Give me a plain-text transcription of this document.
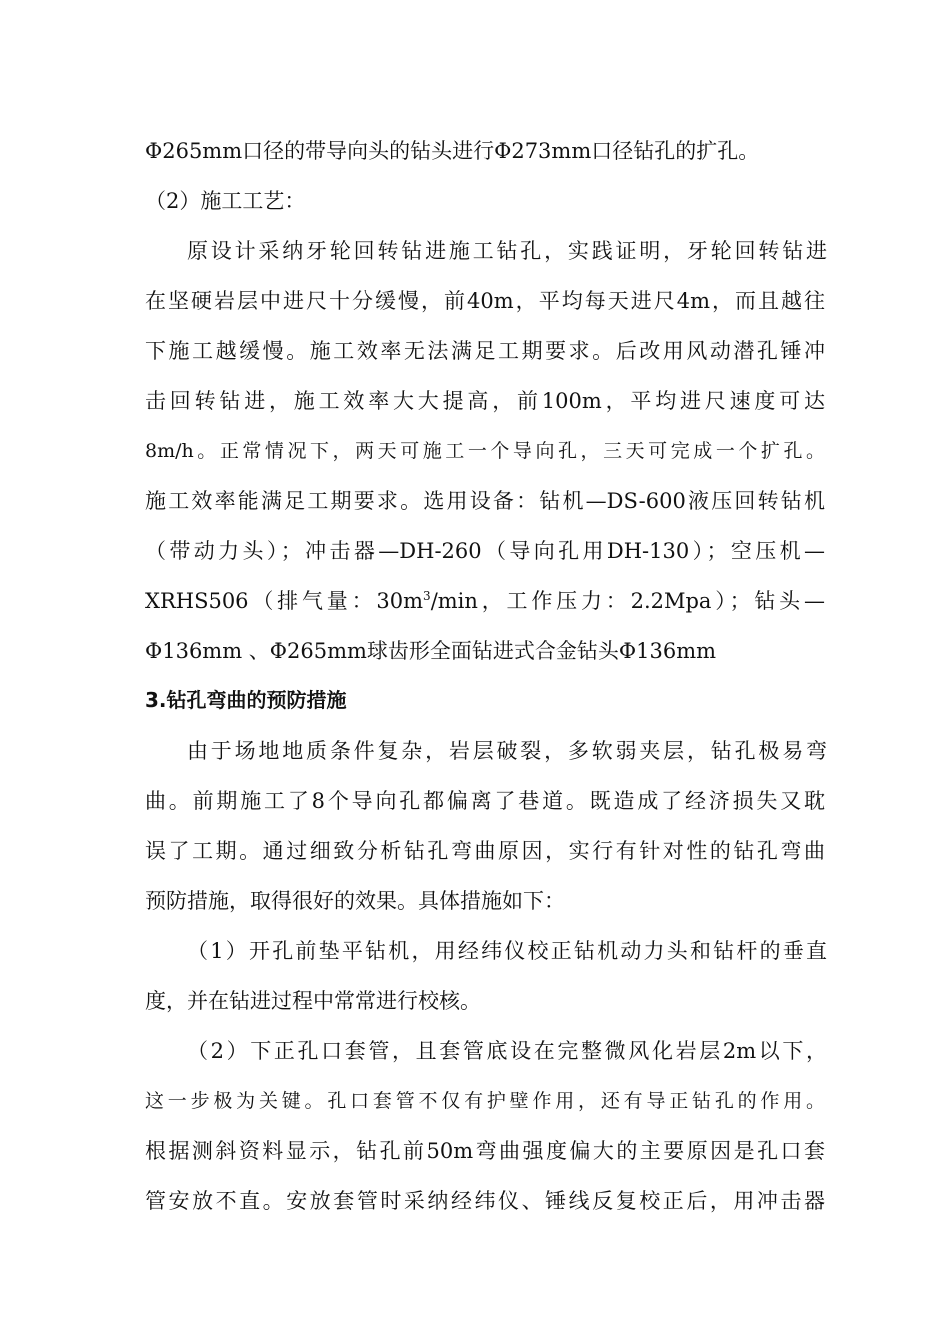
Φ265mm口径的带导向头的钻头进行Φ273mm口径钻孔的扩孔。
（2）施工工艺：
原设计采纳牙轮回转钻进施工钻孔，实践证明，牙轮回转钻进
在坚硬岩层中进尺十分缓慢，前40m，平均每天进尺4m，而且越往
下施工越缓慢。施工效率无法满足工期要求。后改用风动潜孔锤冲
击回转钻进，施工效率大大提高，前100m，平均进尺速度可达
8m/h。正常情况下，两天可施工一个导向孔，三天可完成一个扩孔。
施工效率能满足工期要求。选用设备：钻机—DS-600液压回转钻机
（带动力头）；冲击器—DH-260（导向孔用DH-130）；空压机—
XRHS506（排气量：$30m^3/\min$，工作压力：2.2Mpa）；钻头—
Φ136mm 、Φ265mm球齿形全面钻进式合金钻头Φ136mm
3.钻孔弯曲的预防措施
由于场地地质条件复杂，岩层破裂，多软弱夹层，钻孔极易弯
曲。前期施工了8个导向孔都偏离了巷道。既造成了经济损失又耽
误了工期。通过细致分析钻孔弯曲原因，实行有针对性的钻孔弯曲
预防措施，取得很好的效果。具体措施如下：
（1）开孔前垫平钻机，用经纬仪校正钻机动力头和钻杆的垂直
度，并在钻进过程中常常进行校核。
（2）下正孔口套管，且套管底设在完整微风化岩层2m以下，
这一步极为关键。孔口套管不仅有护壁作用，还有导正钻孔的作用。
根据测斜资料显示，钻孔前50m弯曲强度偏大的主要原因是孔口套
管安放不直。安放套管时采纳经纬仪、锤线反复校正后，用冲击器
